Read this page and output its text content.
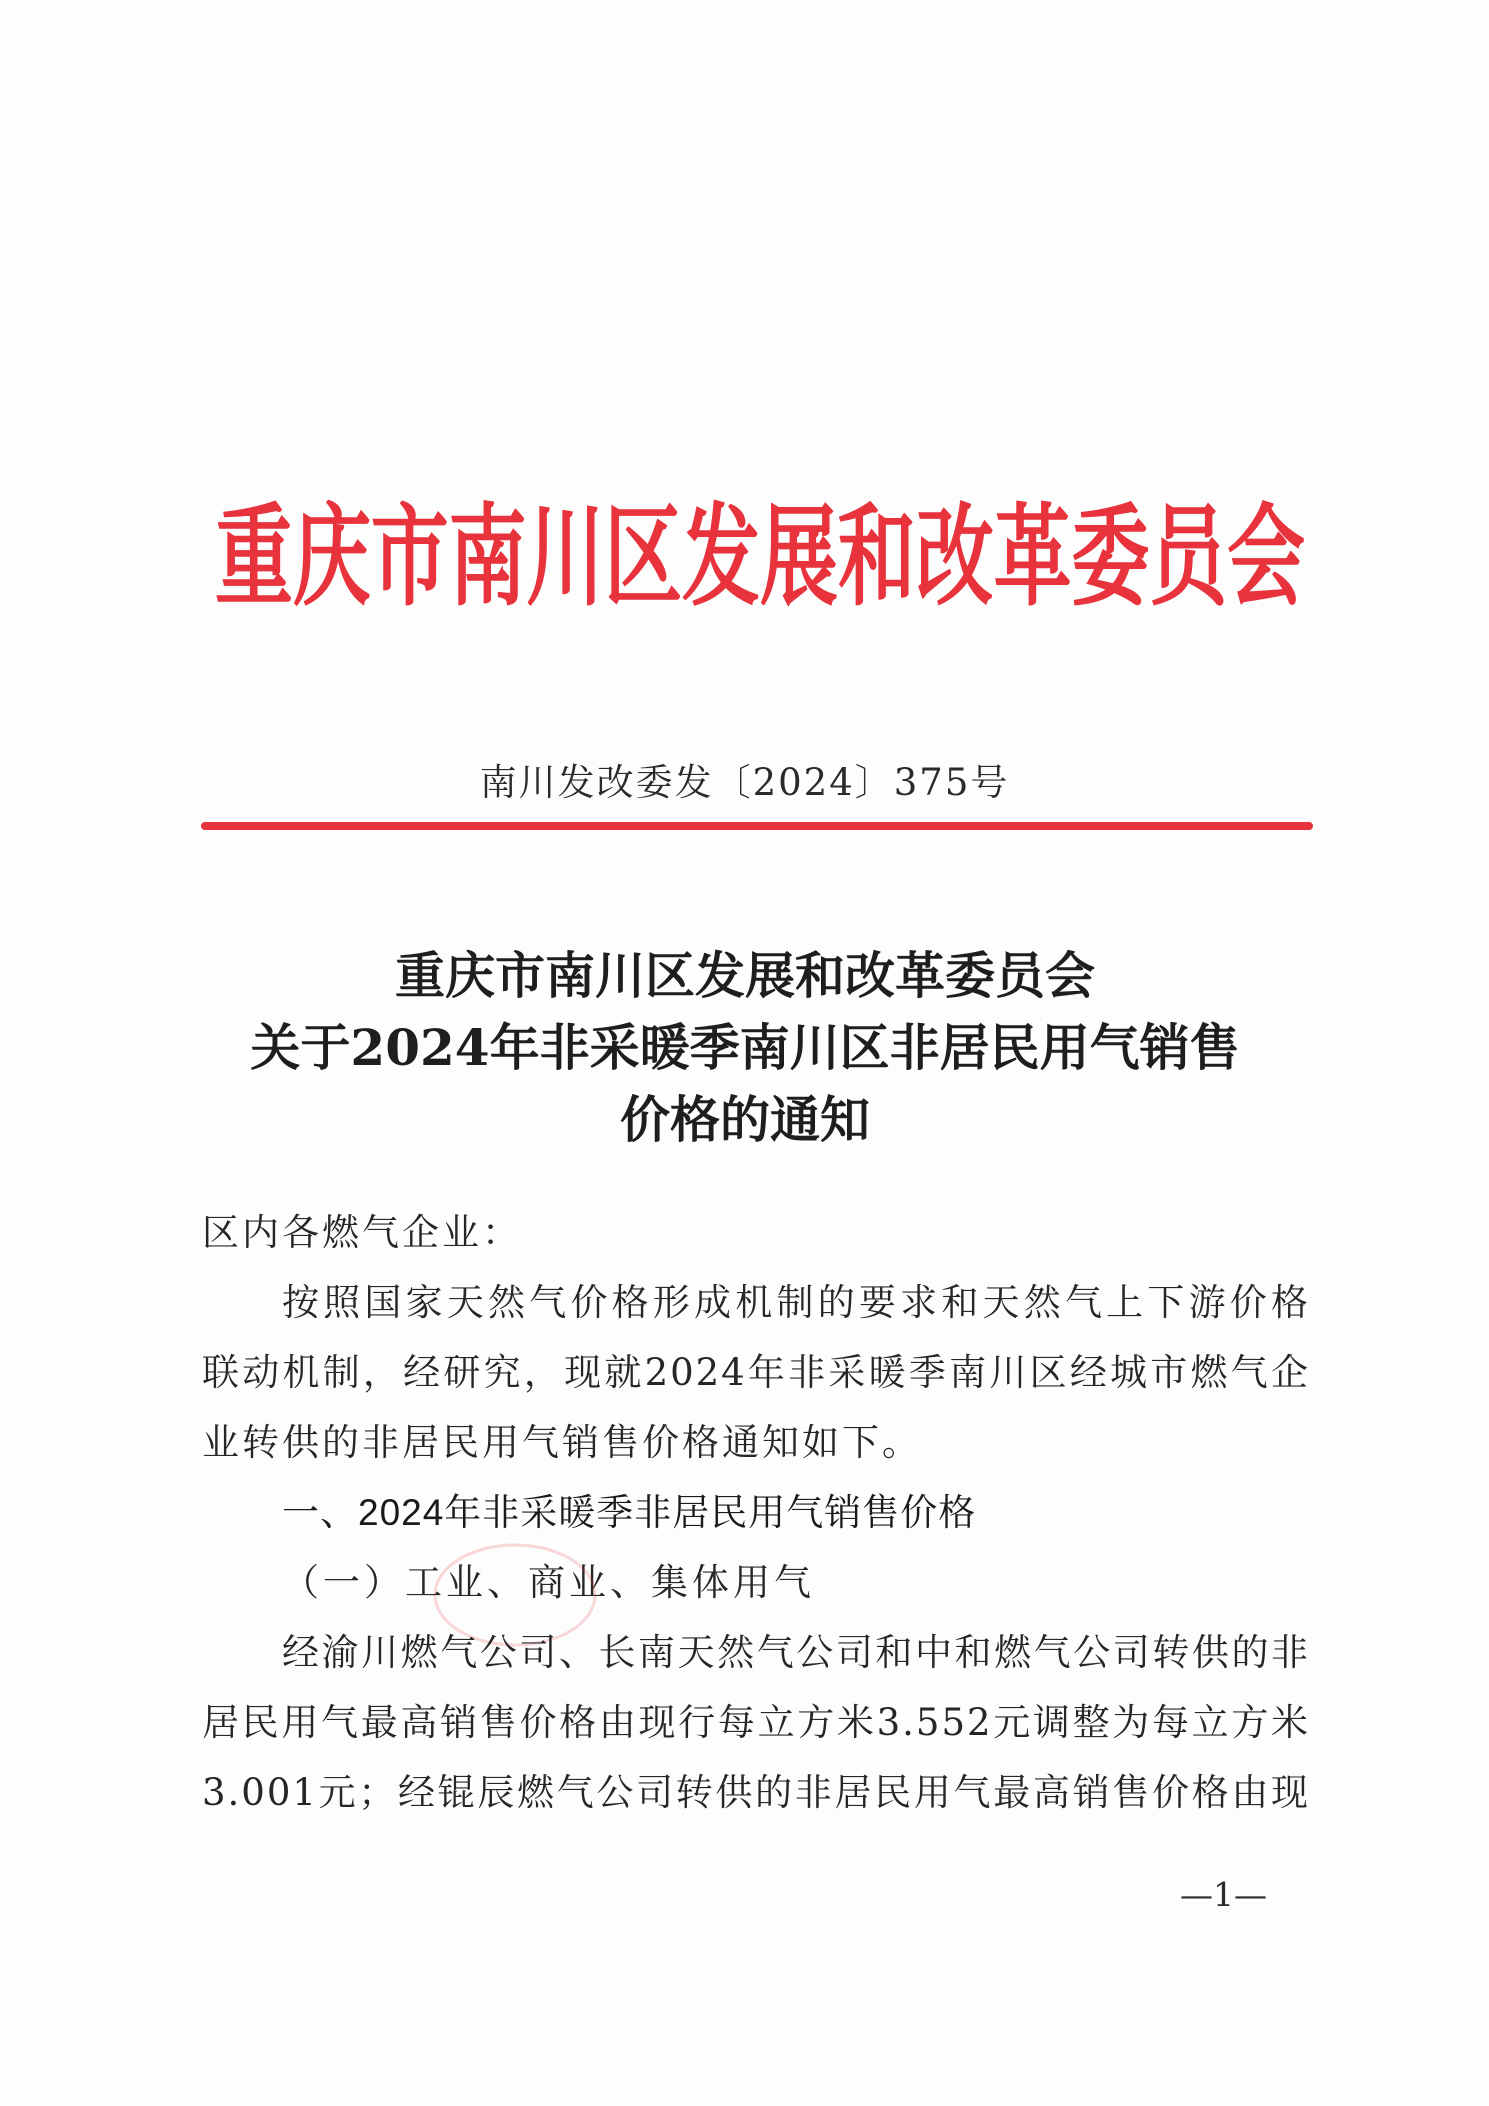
重庆市南川区发展和改革委员会
南川发改委发〔2024〕375号
重庆市南川区发展和改革委员会
关于2024年非采暖季南川区非居民用气销售
价格的通知
区内各燃气企业：
按照国家天然气价格形成机制的要求和天然气上下游价格
联动机制，经研究，现就2024年非采暖季南川区经城市燃气企
业转供的非居民用气销售价格通知如下。
一、2024年非采暖季非居民用气销售价格
（一）工业、商业、集体用气
经渝川燃气公司、长南天然气公司和中和燃气公司转供的非
居民用气最高销售价格由现行每立方米3.552元调整为每立方米
3.001元；经锟辰燃气公司转供的非居民用气最高销售价格由现
—1—
